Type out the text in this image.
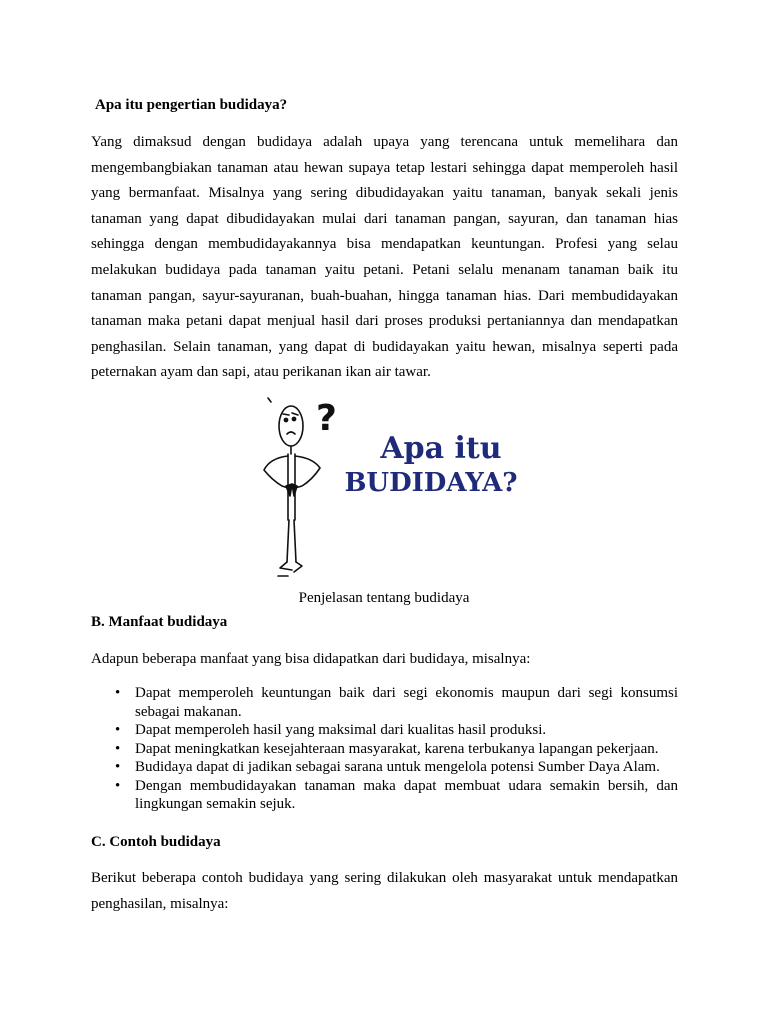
Apa itu pengertian budidaya?

Yang dimaksud dengan budidaya adalah upaya yang terencana untuk memelihara dan mengembangbiakan tanaman atau hewan supaya tetap lestari sehingga dapat memperoleh hasil yang bermanfaat. Misalnya yang sering dibudidayakan yaitu tanaman, banyak sekali jenis tanaman yang dapat dibudidayakan mulai dari tanaman pangan, sayuran, dan tanaman hias sehingga dengan membudidayakannya bisa mendapatkan keuntungan. Profesi yang selau melakukan budidaya pada tanaman yaitu petani. Petani selalu menanam tanaman baik itu tanaman pangan, sayur-sayuranan, buah-buahan, hingga tanaman hias. Dari membudidayakan tanaman maka petani dapat menjual hasil dari proses produksi pertaniannya dan mendapatkan penghasilan. Selain tanaman, yang dapat di budidayakan yaitu hewan, misalnya seperti pada peternakan ayam dan sapi, atau perikanan ikan air tawar.

?
Apa itu
BUDIDAYA?
Penjelasan tentang budidaya
B. Manfaat budidaya

Adapun beberapa manfaat yang bisa didapatkan dari budidaya, misalnya:

• Dapat memperoleh keuntungan baik dari segi ekonomis maupun dari segi konsumsi sebagai makanan.
• Dapat memperoleh hasil yang maksimal dari kualitas hasil produksi.
• Dapat meningkatkan kesejahteraan masyarakat, karena terbukanya lapangan pekerjaan.
• Budidaya dapat di jadikan sebagai sarana untuk mengelola potensi Sumber Daya Alam.
• Dengan membudidayakan tanaman maka dapat membuat udara semakin bersih, dan lingkungan semakin sejuk.
C. Contoh budidaya

Berikut beberapa contoh budidaya yang sering dilakukan oleh masyarakat untuk mendapatkan penghasilan, misalnya:
